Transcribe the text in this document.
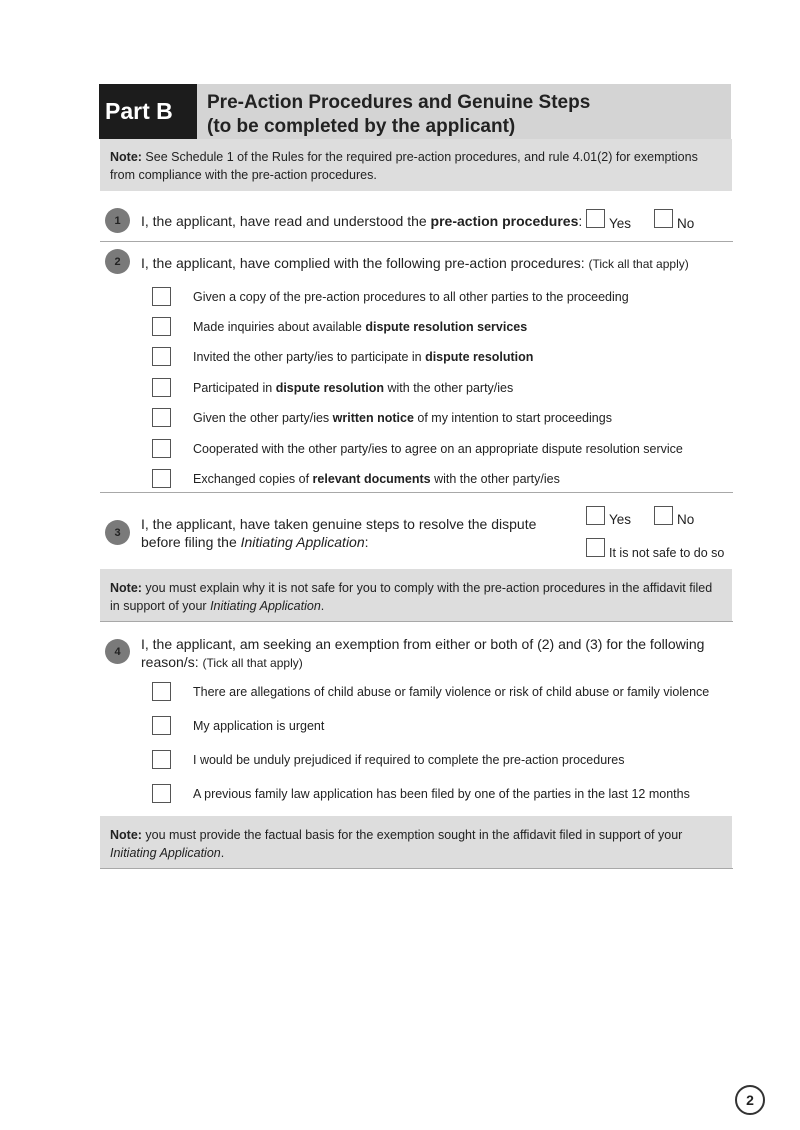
Part B Pre-Action Procedures and Genuine Steps
(to be completed by the applicant)
Note: See Schedule 1 of the Rules for the required pre-action procedures, and rule 4.01(2) for exemptions from compliance with the pre-action procedures.
1 I, the applicant, have read and understood the pre-action procedures: Yes	No
2 I, the applicant, have complied with the following pre-action procedures: (Tick all that apply)
Given a copy of the pre-action procedures to all other parties to the proceeding
Made inquiries about available dispute resolution services
Invited the other party/ies to participate in dispute resolution
Participated in dispute resolution with the other party/ies
Given the other party/ies written notice of my intention to start proceedings
Cooperated with the other party/ies to agree on an appropriate dispute resolution service
Exchanged copies of relevant documents with the other party/ies
3
I, the applicant, have taken genuine steps to resolve the dispute
before filing the Initiating Application:
Yes	No
It is not safe to do so
Note: you must explain why it is not safe for you to comply with the pre-action procedures in the affidavit filed in support of your Initiating Application.
4 I, the applicant, am seeking an exemption from either or both of (2) and (3) for the following
reason/s: (Tick all that apply)
There are allegations of child abuse or family violence or risk of child abuse or family violence
My application is urgent
I would be unduly prejudiced if required to complete the pre-action procedures
A previous family law application has been filed by one of the parties in the last 12 months
Note: you must provide the factual basis for the exemption sought in the affidavit filed in support of your Initiating Application.
2
